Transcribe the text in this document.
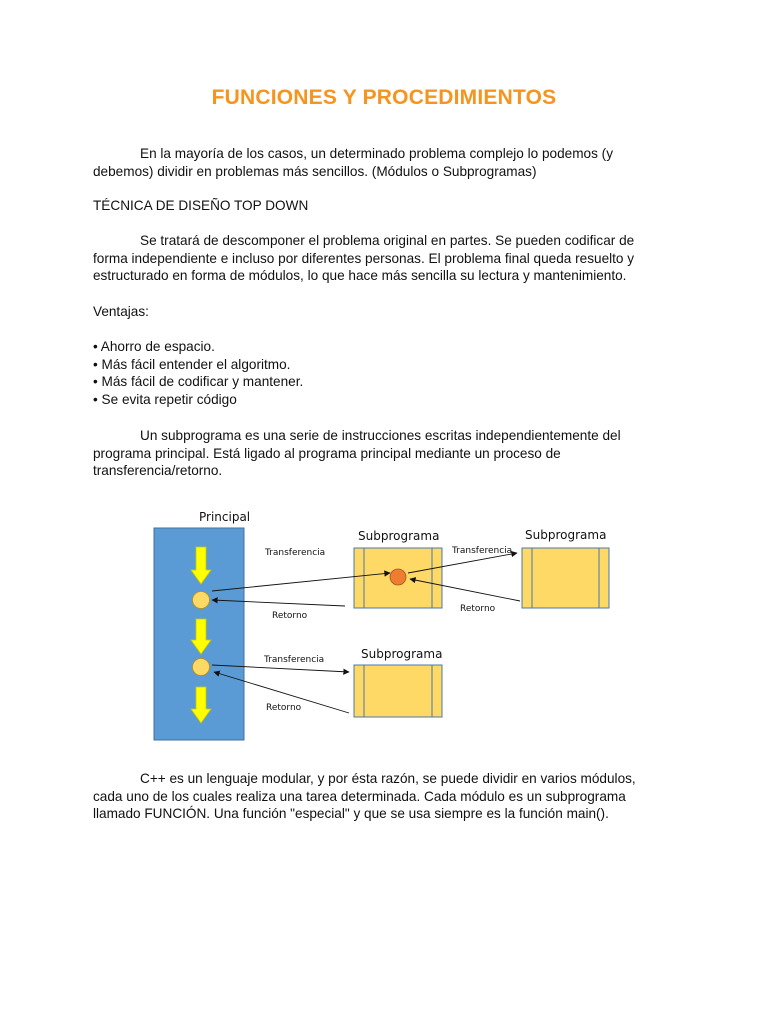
FUNCIONES Y PROCEDIMIENTOS
En la mayoría de los casos, un determinado problema complejo lo podemos (y debemos) dividir en problemas más sencillos. (Módulos o Subprogramas)
TÉCNICA DE DISEÑO TOP DOWN
Se tratará de descomponer el problema original en partes. Se pueden codificar de forma independiente e incluso por diferentes personas. El problema final queda resuelto y estructurado en forma de módulos, lo que hace más sencilla su lectura y mantenimiento.
Ventajas:
• Ahorro de espacio.
• Más fácil entender el algoritmo.
• Más fácil de codificar y mantener.
• Se evita repetir código
Un subprograma es una serie de instrucciones escritas independientemente del programa principal. Está ligado al programa principal mediante un proceso de transferencia/retorno.
Principal
Subprograma	Subprograma
Subprograma
Transferencia
Retorno
Transferencia
Retorno
Transferencia
Retorno
C++ es un lenguaje modular, y por ésta razón, se puede dividir en varios módulos, cada uno de los cuales realiza una tarea determinada. Cada módulo es un subprograma llamado FUNCIÓN. Una función "especial" y que se usa siempre es la función main().
